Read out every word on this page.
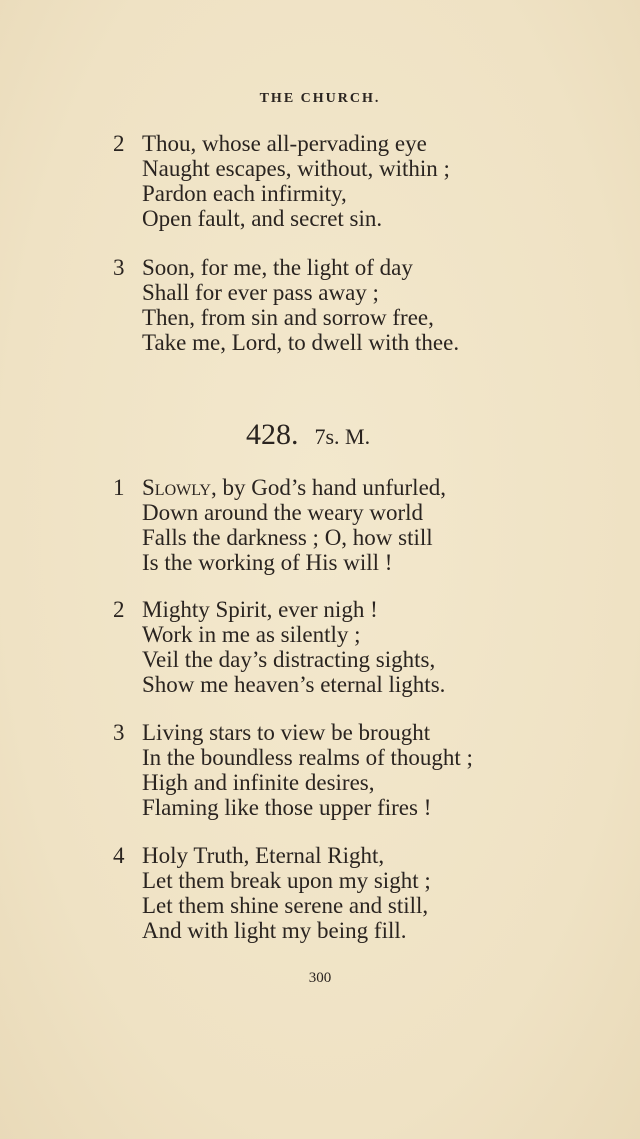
THE CHURCH.
2 Thou, whose all-pervading eye
Naught escapes, without, within ;
Pardon each infirmity,
Open fault, and secret sin.
3 Soon, for me, the light of day
Shall for ever pass away ;
Then, from sin and sorrow free,
Take me, Lord, to dwell with thee.
428. 7s. M.
1 Slowly, by God’s hand unfurled,
Down around the weary world
Falls the darkness ; O, how still
Is the working of His will !
2 Mighty Spirit, ever nigh !
Work in me as silently ;
Veil the day’s distracting sights,
Show me heaven’s eternal lights.
3 Living stars to view be brought
In the boundless realms of thought ;
High and infinite desires,
Flaming like those upper fires !
4 Holy Truth, Eternal Right,
Let them break upon my sight ;
Let them shine serene and still,
And with light my being fill.
300
